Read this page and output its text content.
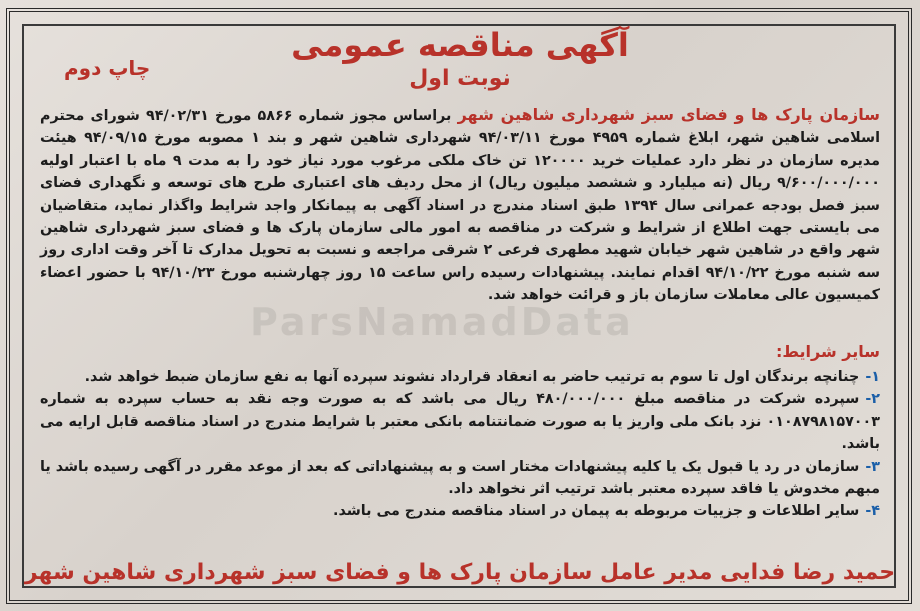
آگهی مناقصه عمومی
نوبت اول
چاپ دوم
سازمان پارک ها و فضای سبز شهرداری شاهین شهر براساس مجوز شماره ۵۸۶۶ مورخ ۹۴/۰۲/۳۱ شورای محترم اسلامی شاهین شهر، ابلاغ شماره ۴۹۵۹ مورخ ۹۴/۰۳/۱۱ شهرداری شاهین شهر و بند ۱ مصوبه مورخ ۹۴/۰۹/۱۵ هیئت مدیره سازمان در نظر دارد عملیات خرید ۱۲۰۰۰۰ تن خاک ملکی مرغوب مورد نیاز خود را به مدت ۹ ماه با اعتبار اولیه ۹/۶۰۰/۰۰۰/۰۰۰ ریال (نه میلیارد و ششصد میلیون ریال) از محل ردیف های اعتباری طرح های توسعه و نگهداری فضای سبز فصل بودجه عمرانی سال ۱۳۹۴ طبق اسناد مندرج در اسناد آگهی به پیمانکار واجد شرایط واگذار نماید، متقاضیان می بایستی جهت اطلاع از شرایط و شرکت در مناقصه به امور مالی سازمان پارک ها و فضای سبز شهرداری شاهین شهر واقع در شاهین شهر خیابان شهید مطهری فرعی ۲ شرقی مراجعه و نسبت به تحویل مدارک تا آخر وقت اداری روز سه شنبه مورخ ۹۴/۱۰/۲۲ اقدام نمایند. پیشنهادات رسیده راس ساعت ۱۵ روز چهارشنبه مورخ ۹۴/۱۰/۲۳ با حضور اعضاء کمیسیون عالی معاملات سازمان باز و قرائت خواهد شد.
ParsNamadData
سایر شرایط:

۱-چنانچه برندگان اول تا سوم به ترتیب حاضر به انعقاد قرارداد نشوند سپرده آنها به نفع سازمان ضبط خواهد شد.

۲-سپرده شرکت در مناقصه مبلغ ۴۸۰/۰۰۰/۰۰۰ ریال می باشد که به صورت وجه نقد به حساب سپرده به شماره ۰۱۰۸۷۹۸۱۵۷۰۰۳ نزد بانک ملی واریز یا به صورت ضمانتنامه بانکی معتبر با شرایط مندرج در اسناد مناقصه قابل ارایه می باشد.

۳-سازمان در رد یا قبول یک یا کلیه پیشنهادات مختار است و به پیشنهاداتی که بعد از موعد مقرر در آگهی رسیده باشد یا مبهم مخدوش یا فاقد سپرده معتبر باشد ترتیب اثر نخواهد داد.

۴-سایر اطلاعات و جزییات مربوطه به پیمان در اسناد مناقصه مندرج می باشد.

حمید رضا فدایی مدیر عامل سازمان پارک ها و فضای سبز شهرداری شاهین شهر
